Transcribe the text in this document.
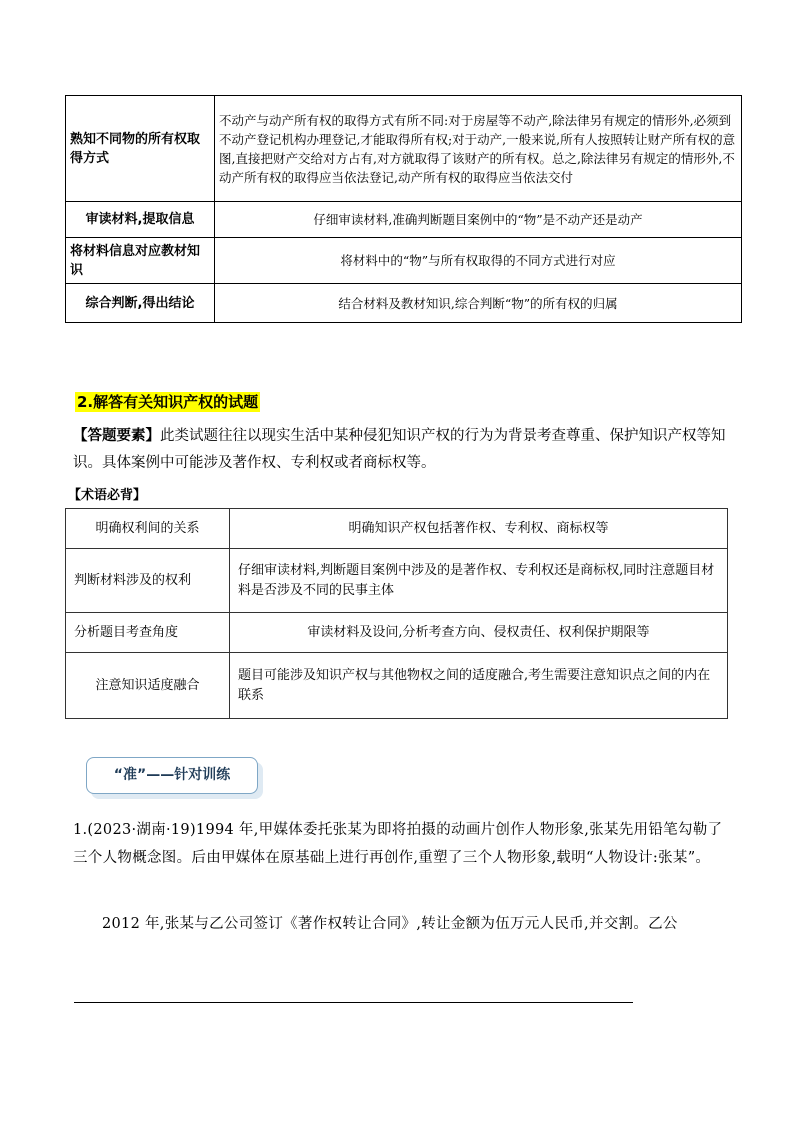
熟知不同物的所有权取得方式	不动产与动产所有权的取得方式有所不同:对于房屋等不动产,除法律另有规定的情形外,必须到不动产登记机构办理登记,才能取得所有权;对于动产,一般来说,所有人按照转让财产所有权的意图,直接把财产交给对方占有,对方就取得了该财产的所有权。总之,除法律另有规定的情形外,不动产所有权的取得应当依法登记,动产所有权的取得应当依法交付
审读材料,提取信息	仔细审读材料,准确判断题目案例中的“物”是不动产还是动产
将材料信息对应教材知识	将材料中的“物”与所有权取得的不同方式进行对应
综合判断,得出结论	结合材料及教材知识,综合判断“物”的所有权的归属
2.解答有关知识产权的试题
【答题要素】此类试题往往以现实生活中某种侵犯知识产权的行为为背景考查尊重、保护知识产权等知识。具体案例中可能涉及著作权、专利权或者商标权等。
【术语必背】
明确权利间的关系	明确知识产权包括著作权、专利权、商标权等
判断材料涉及的权利	仔细审读材料,判断题目案例中涉及的是著作权、专利权还是商标权,同时注意题目材料是否涉及不同的民事主体
分析题目考查角度	审读材料及设问,分析考查方向、侵权责任、权利保护期限等
注意知识适度融合	题目可能涉及知识产权与其他物权之间的适度融合,考生需要注意知识点之间的内在联系
“准”——针对训练
1.(2023·湖南·19)1994 年,甲媒体委托张某为即将拍摄的动画片创作人物形象,张某先用铅笔勾勒了三个人物概念图。后由甲媒体在原基础上进行再创作,重塑了三个人物形象,载明“人物设计:张某”。
2012 年,张某与乙公司签订《著作权转让合同》,转让金额为伍万元人民币,并交割。乙公
